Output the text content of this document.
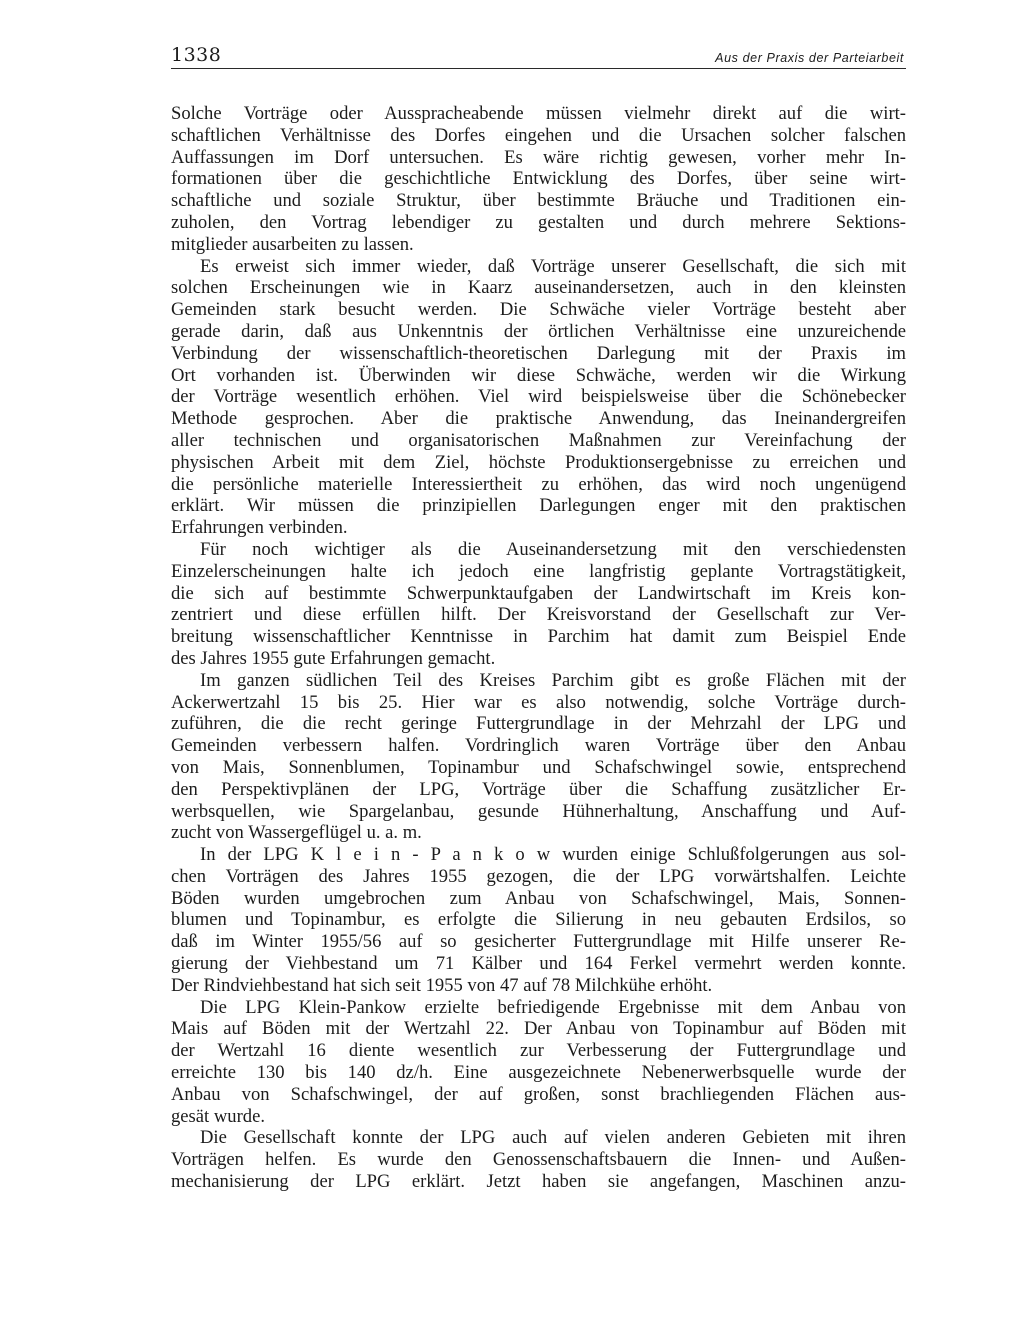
1338	Aus der Praxis der Parteiarbeit
Solche Vorträge oder Ausspracheabende müssen vielmehr direkt auf die wirt-
schaftlichen Verhältnisse des Dorfes eingehen und die Ursachen solcher falschen
Auffassungen im Dorf untersuchen. Es wäre richtig gewesen, vorher mehr In-
formationen über die geschichtliche Entwicklung des Dorfes, über seine wirt-
schaftliche und soziale Struktur, über bestimmte Bräuche und Traditionen ein-
zuholen, den Vortrag lebendiger zu gestalten und durch mehrere Sektions-
mitglieder ausarbeiten zu lassen.
Es erweist sich immer wieder, daß Vorträge unserer Gesellschaft, die sich mit
solchen Erscheinungen wie in Kaarz auseinandersetzen, auch in den kleinsten
Gemeinden stark besucht werden. Die Schwäche vieler Vorträge besteht aber
gerade darin, daß aus Unkenntnis der örtlichen Verhältnisse eine unzureichende
Verbindung der wissenschaftlich-theoretischen Darlegung mit der Praxis im
Ort vorhanden ist. Überwinden wir diese Schwäche, werden wir die Wirkung
der Vorträge wesentlich erhöhen. Viel wird beispielsweise über die Schönebecker
Methode gesprochen. Aber die praktische Anwendung, das Ineinandergreifen
aller technischen und organisatorischen Maßnahmen zur Vereinfachung der
physischen Arbeit mit dem Ziel, höchste Produktionsergebnisse zu erreichen und
die persönliche materielle Interessiertheit zu erhöhen, das wird noch ungenügend
erklärt. Wir müssen die prinzipiellen Darlegungen enger mit den praktischen
Erfahrungen verbinden.
Für noch wichtiger als die Auseinandersetzung mit den verschiedensten
Einzelerscheinungen halte ich jedoch eine langfristig geplante Vortragstätigkeit,
die sich auf bestimmte Schwerpunktaufgaben der Landwirtschaft im Kreis kon-
zentriert und diese erfüllen hilft. Der Kreisvorstand der Gesellschaft zur Ver-
breitung wissenschaftlicher Kenntnisse in Parchim hat damit zum Beispiel Ende
des Jahres 1955 gute Erfahrungen gemacht.
Im ganzen südlichen Teil des Kreises Parchim gibt es große Flächen mit der
Ackerwertzahl 15 bis 25. Hier war es also notwendig, solche Vorträge durch-
zuführen, die die recht geringe Futtergrundlage in der Mehrzahl der LPG und
Gemeinden verbessern halfen. Vordringlich waren Vorträge über den Anbau
von Mais, Sonnenblumen, Topinambur und Schafschwingel sowie, entsprechend
den Perspektivplänen der LPG, Vorträge über die Schaffung zusätzlicher Er-
werbsquellen, wie Spargelanbau, gesunde Hühnerhaltung, Anschaffung und Auf-
zucht von Wassergeflügel u. a. m.
In der LPG K l e i n - P a n k o w wurden einige Schlußfolgerungen aus sol-
chen Vorträgen des Jahres 1955 gezogen, die der LPG vorwärtshalfen. Leichte
Böden wurden umgebrochen zum Anbau von Schafschwingel, Mais, Sonnen-
blumen und Topinambur, es erfolgte die Silierung in neu gebauten Erdsilos, so
daß im Winter 1955/56 auf so gesicherter Futtergrundlage mit Hilfe unserer Re-
gierung der Viehbestand um 71 Kälber und 164 Ferkel vermehrt werden konnte.
Der Rindviehbestand hat sich seit 1955 von 47 auf 78 Milchkühe erhöht.
Die LPG Klein-Pankow erzielte befriedigende Ergebnisse mit dem Anbau von
Mais auf Böden mit der Wertzahl 22. Der Anbau von Topinambur auf Böden mit
der Wertzahl 16 diente wesentlich zur Verbesserung der Futtergrundlage und
erreichte 130 bis 140 dz/h. Eine ausgezeichnete Nebenerwerbsquelle wurde der
Anbau von Schafschwingel, der auf großen, sonst brachliegenden Flächen aus-
gesät wurde.
Die Gesellschaft konnte der LPG auch auf vielen anderen Gebieten mit ihren
Vorträgen helfen. Es wurde den Genossenschaftsbauern die Innen- und Außen-
mechanisierung der LPG erklärt. Jetzt haben sie angefangen, Maschinen anzu-
